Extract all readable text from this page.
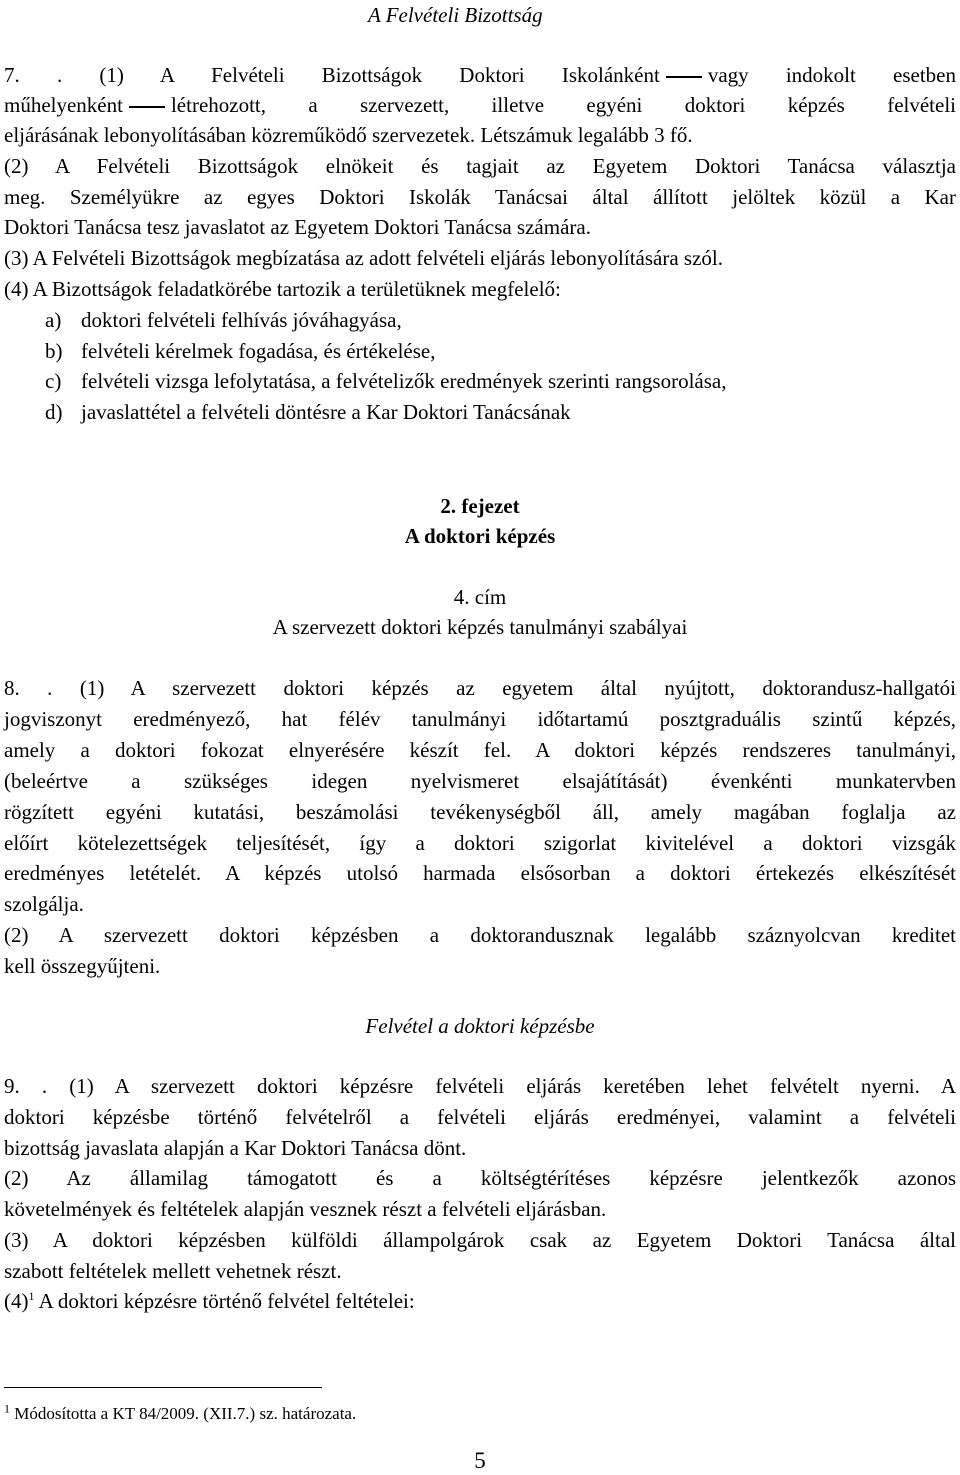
A Felvételi Bizottság
7. . (1) A Felvételi Bizottságok Doktori Iskolánként vagy indokolt esetben
műhelyenként létrehozott, a szervezett, illetve egyéni doktori képzés felvételi
eljárásának lebonyolításában közreműködő szervezetek. Létszámuk legalább 3 fő.
(2) A Felvételi Bizottságok elnökeit és tagjait az Egyetem Doktori Tanácsa választja
meg. Személyükre az egyes Doktori Iskolák Tanácsai által állított jelöltek közül a Kar
Doktori Tanácsa tesz javaslatot az Egyetem Doktori Tanácsa számára.
(3) A Felvételi Bizottságok megbízatása az adott felvételi eljárás lebonyolítására szól.
(4) A Bizottságok feladatkörébe tartozik a területüknek megfelelő:
a) doktori felvételi felhívás jóváhagyása,
b) felvételi kérelmek fogadása, és értékelése,
c) felvételi vizsga lefolytatása, a felvételizők eredmények szerinti rangsorolása,
d) javaslattétel a felvételi döntésre a Kar Doktori Tanácsának
2. fejezet
A doktori képzés
4. cím
A szervezett doktori képzés tanulmányi szabályai
8. . (1) A szervezett doktori képzés az egyetem által nyújtott, doktorandusz-hallgatói
jogviszonyt eredményező, hat félév tanulmányi időtartamú posztgraduális szintű képzés,
amely a doktori fokozat elnyerésére készít fel. A doktori képzés rendszeres tanulmányi,
(beleértve a szükséges idegen nyelvismeret elsajátítását) évenkénti munkatervben
rögzített egyéni kutatási, beszámolási tevékenységből áll, amely magában foglalja az
előírt kötelezettségek teljesítését, így a doktori szigorlat kivitelével a doktori vizsgák
eredményes letételét. A képzés utolsó harmada elsősorban a doktori értekezés elkészítését
szolgálja.
(2) A szervezett doktori képzésben a doktorandusznak legalább száznyolcvan kreditet
kell összegyűjteni.
Felvétel a doktori képzésbe
9. . (1) A szervezett doktori képzésre felvételi eljárás keretében lehet felvételt nyerni. A
doktori képzésbe történő felvételről a felvételi eljárás eredményei, valamint a felvételi
bizottság javaslata alapján a Kar Doktori Tanácsa dönt.
(2) Az államilag támogatott és a költségtérítéses képzésre jelentkezők azonos
követelmények és feltételek alapján vesznek részt a felvételi eljárásban.
(3) A doktori képzésben külföldi állampolgárok csak az Egyetem Doktori Tanácsa által
szabott feltételek mellett vehetnek részt.
$(4)^1$ A doktori képzésre történő felvétel feltételei:
$^1$ Módosította a KT 84/2009. (XII.7.) sz. határozata.
5
